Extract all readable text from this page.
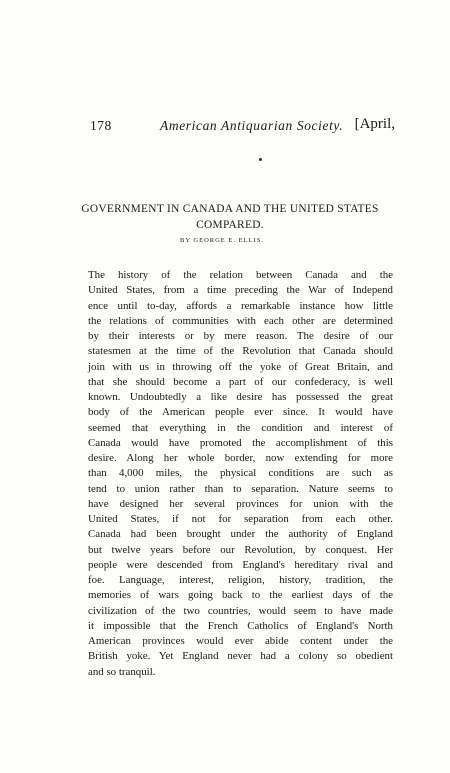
178	American Antiquarian Society. [April,
GOVERNMENT IN CANADA AND THE UNITED STATES
COMPARED.
BY GEORGE E. ELLIS.
The history of the relation between Canada and the
United States, from a time preceding the War of Independ
ence until to-day, affords a remarkable instance how little
the relations of communities with each other are determined
by their interests or by mere reason. The desire of our
statesmen at the time of the Revolution that Canada should
join with us in throwing off the yoke of Great Britain, and
that she should become a part of our confederacy, is well
known. Undoubtedly a like desire has possessed the great
body of the American people ever since. It would have
seemed that everything in the condition and interest of
Canada would have promoted the accomplishment of this
desire. Along her whole border, now extending for more
than 4,000 miles, the physical conditions are such as
tend to union rather than to separation. Nature seems to
have designed her several provinces for union with the
United States, if not for separation from each other.
Canada had been brought under the authority of England
but twelve years before our Revolution, by conquest. Her
people were descended from England's hereditary rival and
foe. Language, interest, religion, history, tradition, the
memories of wars going back to the earliest days of the
civilization of the two countries, would seem to have made
it impossible that the French Catholics of England's North
American provinces would ever abide content under the
British yoke. Yet England never had a colony so obedient
and so tranquil.
